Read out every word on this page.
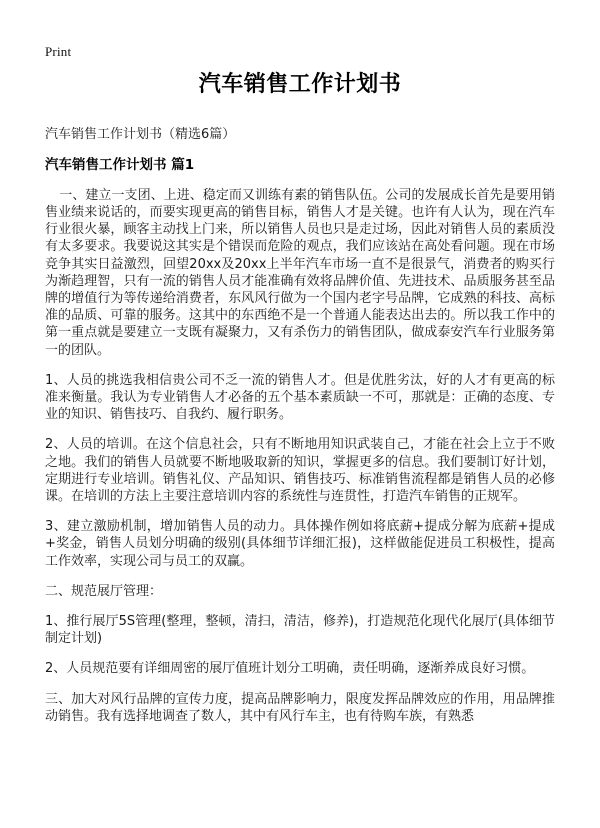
Print
汽车销售工作计划书

汽车销售工作计划书（精选6篇）

汽车销售工作计划书 篇1

一、建立一支团、上进、稳定而又训练有素的销售队伍。公司的发展成长首先是要用销售业绩来说话的，而要实现更高的销售目标，销售人才是关键。也许有人认为，现在汽车行业很火暴，顾客主动找上门来，所以销售人员也只是走过场，因此对销售人员的素质没有太多要求。我要说这其实是个错误而危险的观点，我们应该站在高处看问题。现在市场竞争其实日益激烈，回望20xx及20xx上半年汽车市场一直不是很景气，消费者的购买行为渐趋理智，只有一流的销售人员才能准确有效将品牌价值、先进技术、品质服务甚至品牌的增值行为等传递给消费者，东风风行做为一个国内老字号品牌，它成熟的科技、高标准的品质、可靠的服务。这其中的东西绝不是一个普通人能表达出去的。所以我工作中的第一重点就是要建立一支既有凝聚力，又有杀伤力的销售团队，做成泰安汽车行业服务第一的团队。

1、人员的挑选我相信贵公司不乏一流的销售人才。但是优胜劣汰，好的人才有更高的标准来衡量。我认为专业销售人才必备的五个基本素质缺一不可，那就是：正确的态度、专业的知识、销售技巧、自我约、履行职务。

2、人员的培训。在这个信息社会，只有不断地用知识武装自己，才能在社会上立于不败之地。我们的销售人员就要不断地吸取新的知识，掌握更多的信息。我们要制订好计划，定期进行专业培训。销售礼仪、产品知识、销售技巧、标准销售流程都是销售人员的必修课。在培训的方法上主要注意培训内容的系统性与连贯性，打造汽车销售的正规军。

3、建立激励机制，增加销售人员的动力。具体操作例如将底薪+提成分解为底薪+提成+奖金，销售人员划分明确的级别(具体细节详细汇报)，这样做能促进员工积极性，提高工作效率，实现公司与员工的双赢。

二、规范展厅管理：

1、推行展厅5S管理(整理，整顿，清扫，清洁，修养)，打造规范化现代化展厅(具体细节制定计划)

2、人员规范要有详细周密的展厅值班计划分工明确，责任明确，逐渐养成良好习惯。

三、加大对风行品牌的宣传力度，提高品牌影响力，限度发挥品牌效应的作用，用品牌推动销售。我有选择地调查了数人，其中有风行车主，也有待购车族，有熟悉
